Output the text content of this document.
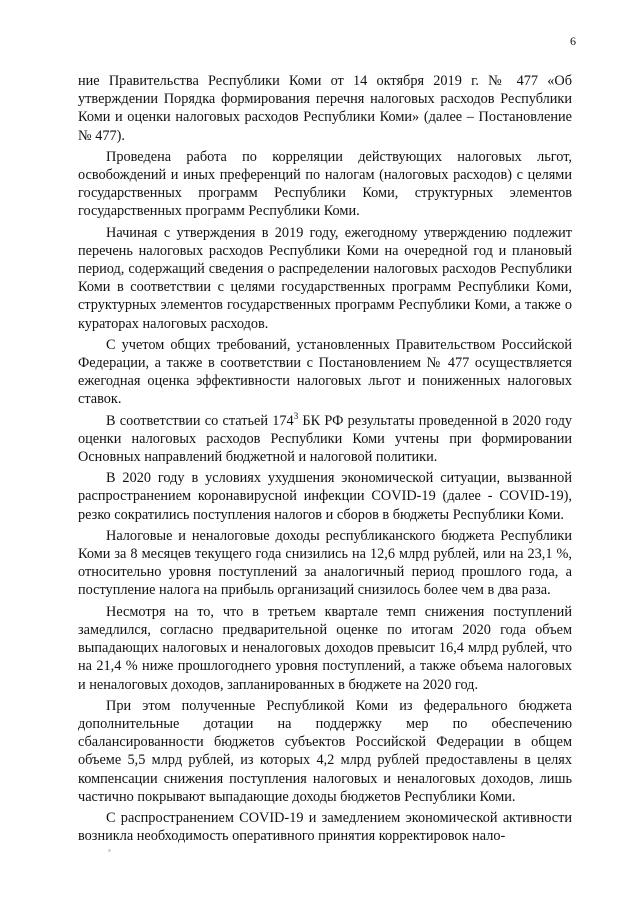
6

ние Правительства Республики Коми от 14 октября 2019 г. № 477 «Об утверждении Порядка формирования перечня налоговых расходов Республики Коми и оценки налоговых расходов Республики Коми» (далее – Постановление № 477).

Проведена работа по корреляции действующих налоговых льгот, освобождений и иных преференций по налогам (налоговых расходов) с целями государственных программ Республики Коми, структурных элементов государственных программ Республики Коми.

Начиная с утверждения в 2019 году, ежегодному утверждению подлежит перечень налоговых расходов Республики Коми на очередной год и плановый период, содержащий сведения о распределении налоговых расходов Республики Коми в соответствии с целями государственных программ Республики Коми, структурных элементов государственных программ Республики Коми, а также о кураторах налоговых расходов.

С учетом общих требований, установленных Правительством Российской Федерации, а также в соответствии с Постановлением № 477 осуществляется ежегодная оценка эффективности налоговых льгот и пониженных налоговых ставок.

В соответствии со статьей $174^3$ БК РФ результаты проведенной в 2020 году оценки налоговых расходов Республики Коми учтены при формировании Основных направлений бюджетной и налоговой политики.

В 2020 году в условиях ухудшения экономической ситуации, вызванной распространением коронавирусной инфекции COVID-19 (далее - COVID-19), резко сократились поступления налогов и сборов в бюджеты Республики Коми.

Налоговые и неналоговые доходы республиканского бюджета Республики Коми за 8 месяцев текущего года снизились на 12,6 млрд рублей, или на 23,1 %, относительно уровня поступлений за аналогичный период прошлого года, а поступление налога на прибыль организаций снизилось более чем в два раза.

Несмотря на то, что в третьем квартале темп снижения поступлений замедлился, согласно предварительной оценке по итогам 2020 года объем выпадающих налоговых и неналоговых доходов превысит 16,4 млрд рублей, что на 21,4 % ниже прошлогоднего уровня поступлений, а также объема налоговых и неналоговых доходов, запланированных в бюджете на 2020 год.

При этом полученные Республикой Коми из федерального бюджета дополнительные дотации на поддержку мер по обеспечению сбалансированности бюджетов субъектов Российской Федерации в общем объеме 5,5 млрд рублей, из которых 4,2 млрд рублей предоставлены в целях компенсации снижения поступления налоговых и неналоговых доходов, лишь частично покрывают выпадающие доходы бюджетов Республики Коми.

С распространением COVID-19 и замедлением экономической активности возникла необходимость оперативного принятия корректировок нало-
